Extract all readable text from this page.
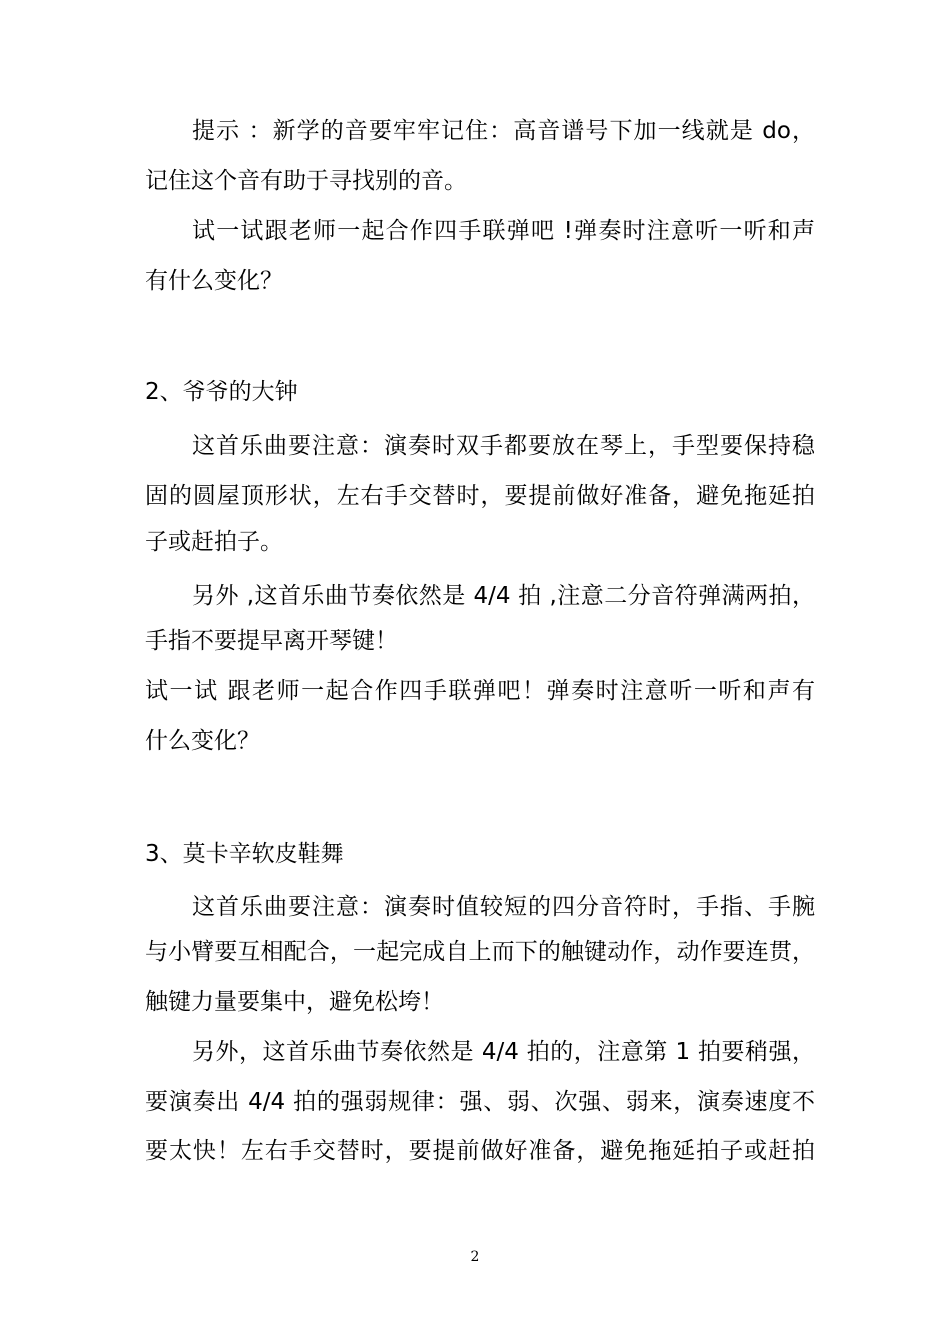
提示 ：新学的音要牢牢记住：高音谱号下加一线就是 do，
记住这个音有助于寻找别的音。
试一试跟老师一起合作四手联弹吧 !弹奏时注意听一听和声
有什么变化？
2、爷爷的大钟
这首乐曲要注意：演奏时双手都要放在琴上，手型要保持稳
固的圆屋顶形状，左右手交替时，要提前做好准备，避免拖延拍
子或赶拍子。
另外 ,这首乐曲节奏依然是 4/4 拍 ,注意二分音符弹满两拍，
手指不要提早离开琴键！
试一试 跟老师一起合作四手联弹吧！弹奏时注意听一听和声有
什么变化？
3、莫卡辛软皮鞋舞
这首乐曲要注意：演奏时值较短的四分音符时，手指、手腕
与小臂要互相配合，一起完成自上而下的触键动作，动作要连贯，
触键力量要集中，避免松垮！
另外，这首乐曲节奏依然是 4/4 拍的，注意第 1 拍要稍强，
要演奏出 4/4 拍的强弱规律：强、弱、次强、弱来，演奏速度不
要太快！左右手交替时，要提前做好准备，避免拖延拍子或赶拍
2
